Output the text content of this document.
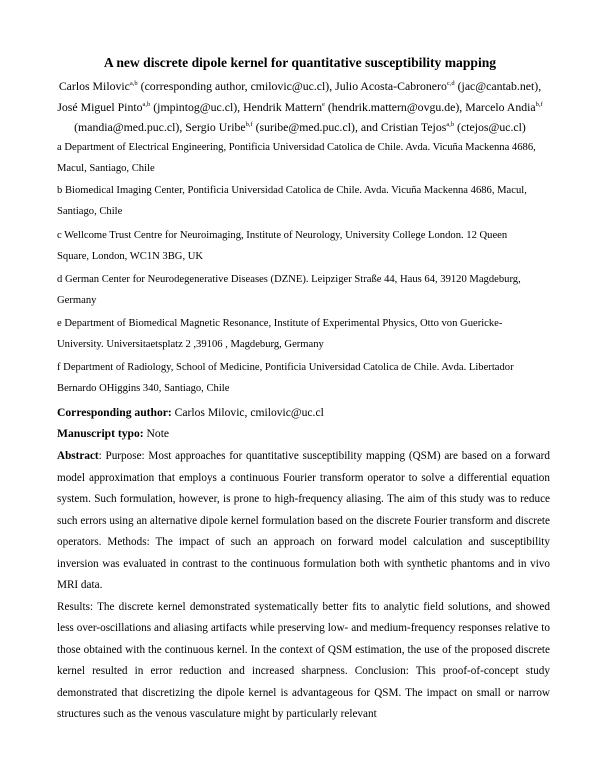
A new discrete dipole kernel for quantitative susceptibility mapping
Carlos Milovic$^{a,b}$ (corresponding author, cmilovic@uc.cl), Julio Acosta-Cabronero$^{c,d}$ (jac@cantab.net),
José Miguel Pinto$^{a,b}$ (jmpintog@uc.cl), Hendrik Mattern$^e$ (hendrik.mattern@ovgu.de), Marcelo Andia$^{b,f}$
(mandia@med.puc.cl), Sergio Uribe$^{b,f}$ (suribe@med.puc.cl), and Cristian Tejos$^{a,b}$ (ctejos@uc.cl)
a Department of Electrical Engineering, Pontificia Universidad Catolica de Chile. Avda. Vicuña Mackenna 4686,
Macul, Santiago, Chile
b Biomedical Imaging Center, Pontificia Universidad Catolica de Chile. Avda. Vicuña Mackenna 4686, Macul,
Santiago, Chile
c Wellcome Trust Centre for Neuroimaging, Institute of Neurology, University College London. 12 Queen
Square, London, WC1N 3BG, UK
d German Center for Neurodegenerative Diseases (DZNE). Leipziger Straße 44, Haus 64, 39120 Magdeburg,
Germany
e Department of Biomedical Magnetic Resonance, Institute of Experimental Physics, Otto von Guericke-
University. Universitaetsplatz 2 ,39106 , Magdeburg, Germany
f Department of Radiology, School of Medicine, Pontificia Universidad Catolica de Chile. Avda. Libertador
Bernardo OHiggins 340, Santiago, Chile
Corresponding author: Carlos Milovic, cmilovic@uc.cl
Manuscript typo: Note

Abstract: Purpose: Most approaches for quantitative susceptibility mapping (QSM) are based on a forward model approximation that employs a continuous Fourier transform operator to solve a differential equation system. Such formulation, however, is prone to high-frequency aliasing. The aim of this study was to reduce such errors using an alternative dipole kernel formulation based on the discrete Fourier transform and discrete operators. Methods: The impact of such an approach on forward model calculation and susceptibility inversion was evaluated in contrast to the continuous formulation both with synthetic phantoms and in vivo MRI data.

Results: The discrete kernel demonstrated systematically better fits to analytic field solutions, and showed less over-oscillations and aliasing artifacts while preserving low- and medium-frequency responses relative to those obtained with the continuous kernel. In the context of QSM estimation, the use of the proposed discrete kernel resulted in error reduction and increased sharpness. Conclusion: This proof-of-concept study demonstrated that discretizing the dipole kernel is advantageous for QSM. The impact on small or narrow structures such as the venous vasculature might by particularly relevant
